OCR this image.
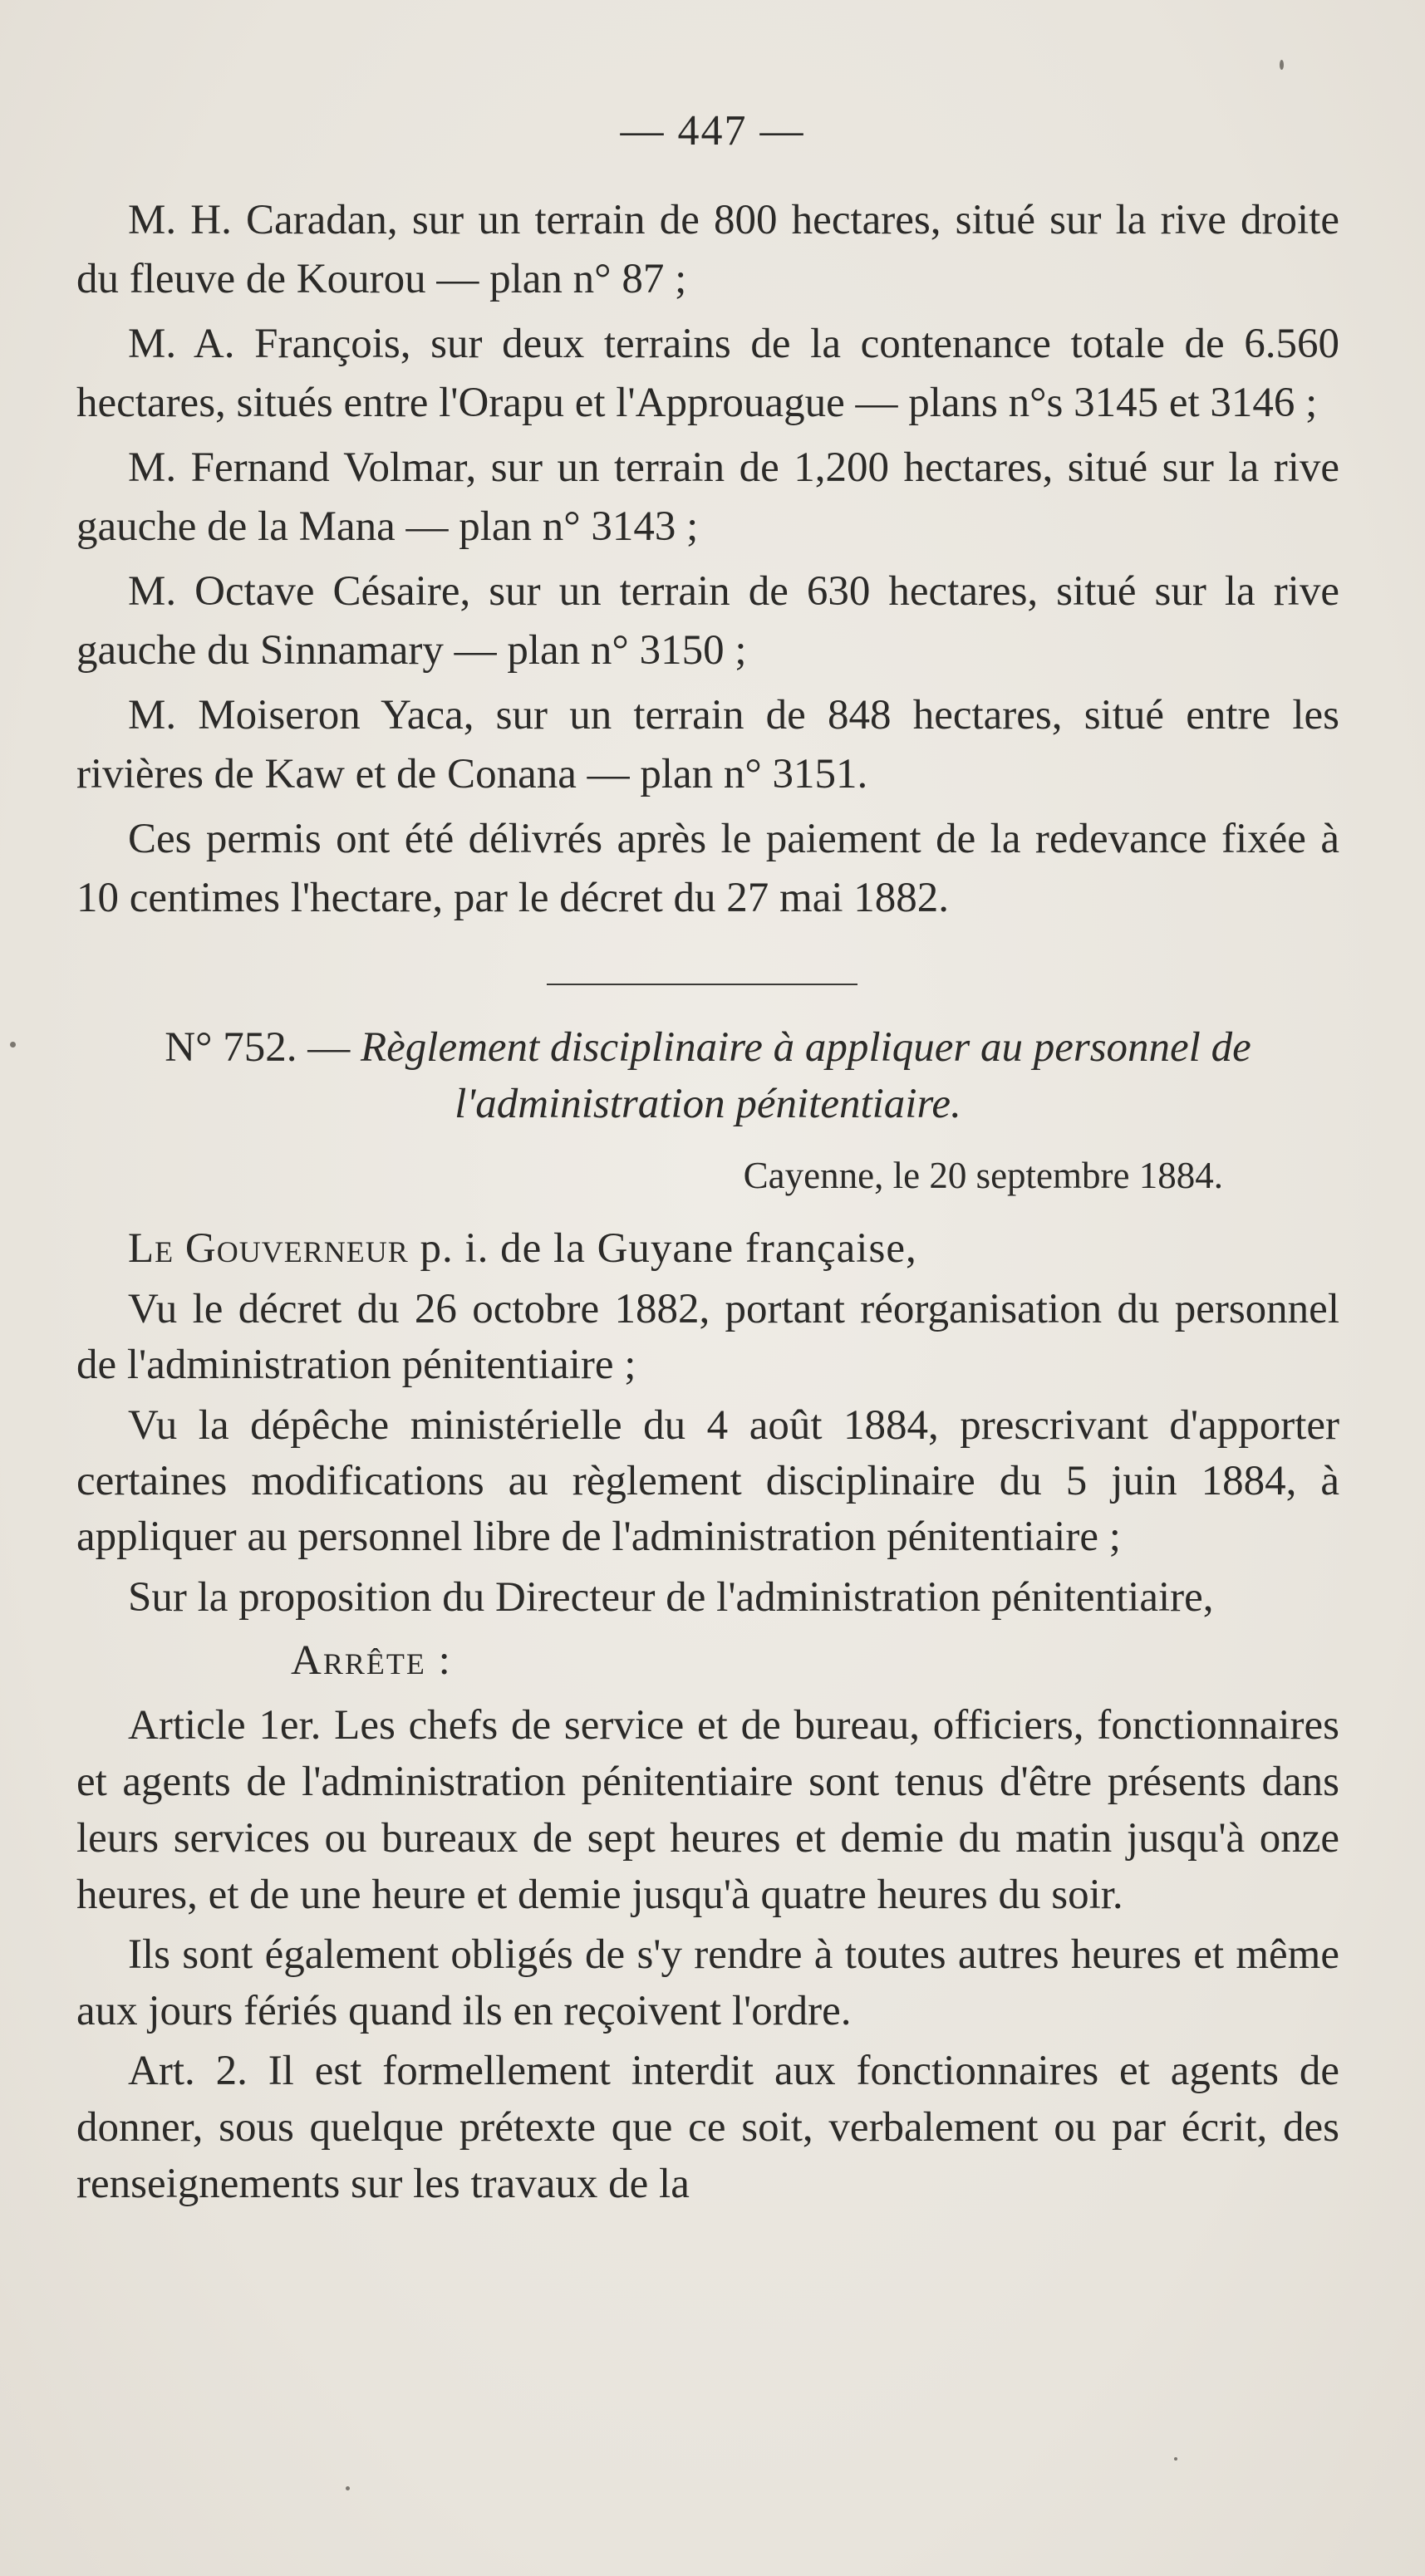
— 447 —

M. H. Caradan, sur un terrain de 800 hectares, situé sur la rive droite du fleuve de Kourou — plan n° 87 ;

M. A. François, sur deux terrains de la contenance totale de 6.560 hectares, situés entre l'Orapu et l'Approuague — plans n°s 3145 et 3146 ;

M. Fernand Volmar, sur un terrain de 1,200 hectares, situé sur la rive gauche de la Mana — plan n° 3143 ;

M. Octave Césaire, sur un terrain de 630 hectares, situé sur la rive gauche du Sinnamary — plan n° 3150 ;

M. Moiseron Yaca, sur un terrain de 848 hectares, situé entre les rivières de Kaw et de Conana — plan n° 3151.

Ces permis ont été délivrés après le paiement de la redevance fixée à 10 centimes l'hectare, par le décret du 27 mai 1882.

N° 752. — Règlement disciplinaire à appliquer au personnel de l'administration pénitentiaire.

Cayenne, le 20 septembre 1884.

Le Gouverneur p. i. de la Guyane française,

Vu le décret du 26 octobre 1882, portant réorganisation du personnel de l'administration pénitentiaire ;

Vu la dépêche ministérielle du 4 août 1884, prescrivant d'apporter certaines modifications au règlement disciplinaire du 5 juin 1884, à appliquer au personnel libre de l'administration pénitentiaire ;

Sur la proposition du Directeur de l'administration pénitentiaire,

Arrête :

Article 1er. Les chefs de service et de bureau, officiers, fonctionnaires et agents de l'administration pénitentiaire sont tenus d'être présents dans leurs services ou bureaux de sept heures et demie du matin jusqu'à onze heures, et de une heure et demie jusqu'à quatre heures du soir.

Ils sont également obligés de s'y rendre à toutes autres heures et même aux jours fériés quand ils en reçoivent l'ordre.

Art. 2. Il est formellement interdit aux fonctionnaires et agents de donner, sous quelque prétexte que ce soit, verbalement ou par écrit, des renseignements sur les travaux de la
